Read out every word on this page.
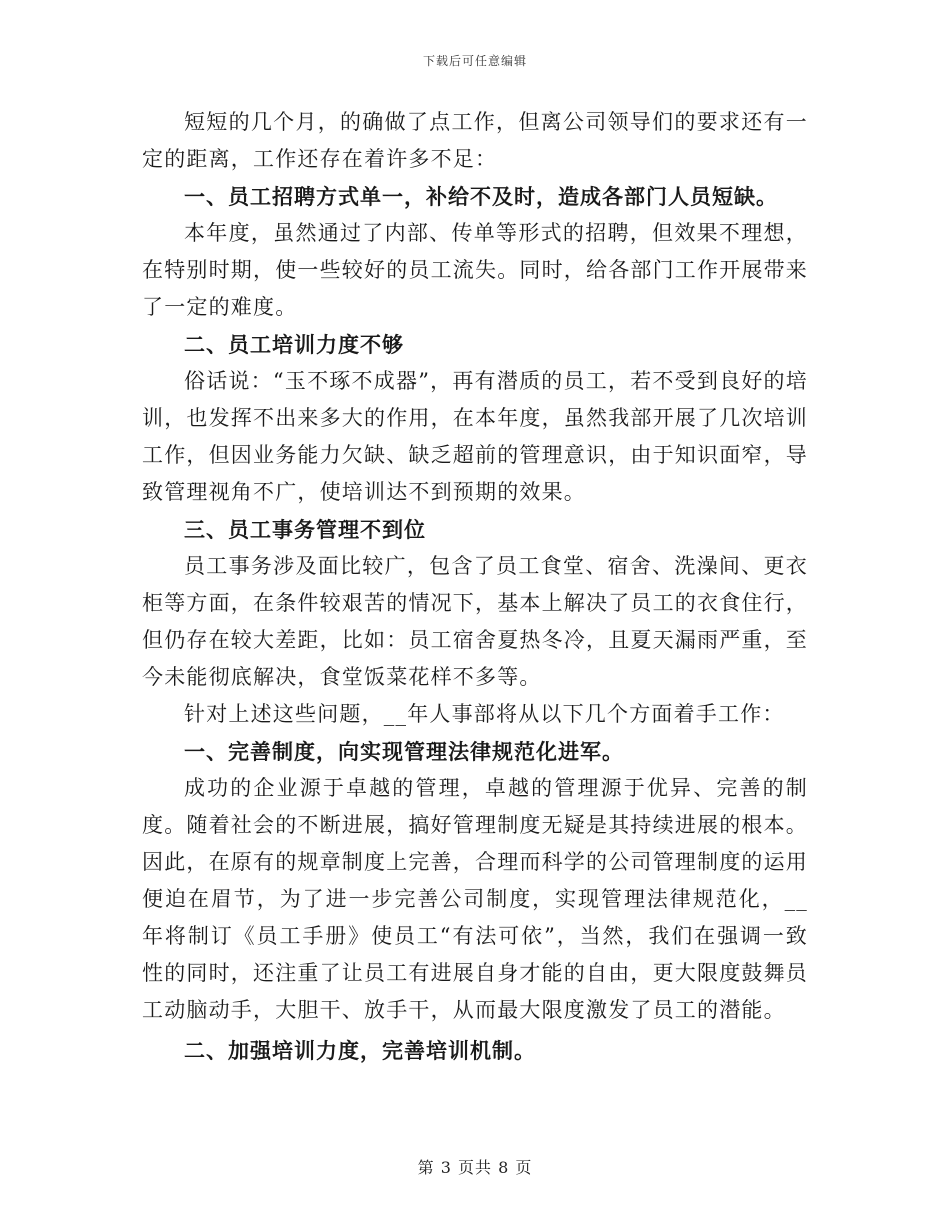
下载后可任意编辑

短短的几个月，的确做了点工作，但离公司领导们的要求还有一定的距离，工作还存在着许多不足：

一、员工招聘方式单一，补给不及时，造成各部门人员短缺。

本年度，虽然通过了内部、传单等形式的招聘，但效果不理想，在特别时期，使一些较好的员工流失。同时，给各部门工作开展带来了一定的难度。

二、员工培训力度不够

俗话说：“玉不琢不成器”，再有潜质的员工，若不受到良好的培训，也发挥不出来多大的作用，在本年度，虽然我部开展了几次培训工作，但因业务能力欠缺、缺乏超前的管理意识，由于知识面窄，导致管理视角不广，使培训达不到预期的效果。

三、员工事务管理不到位

员工事务涉及面比较广，包含了员工食堂、宿舍、洗澡间、更衣柜等方面，在条件较艰苦的情况下，基本上解决了员工的衣食住行，但仍存在较大差距，比如：员工宿舍夏热冬冷，且夏天漏雨严重，至今未能彻底解决，食堂饭菜花样不多等。

针对上述这些问题，__年人事部将从以下几个方面着手工作：

一、完善制度，向实现管理法律规范化进军。

成功的企业源于卓越的管理，卓越的管理源于优异、完善的制度。随着社会的不断进展，搞好管理制度无疑是其持续进展的根本。因此，在原有的规章制度上完善，合理而科学的公司管理制度的运用便迫在眉节，为了进一步完善公司制度，实现管理法律规范化，__年将制订《员工手册》使员工“有法可依”，当然，我们在强调一致性的同时，还注重了让员工有进展自身才能的自由，更大限度鼓舞员工动脑动手，大胆干、放手干，从而最大限度激发了员工的潜能。

二、加强培训力度，完善培训机制。

第 3 页共 8 页
